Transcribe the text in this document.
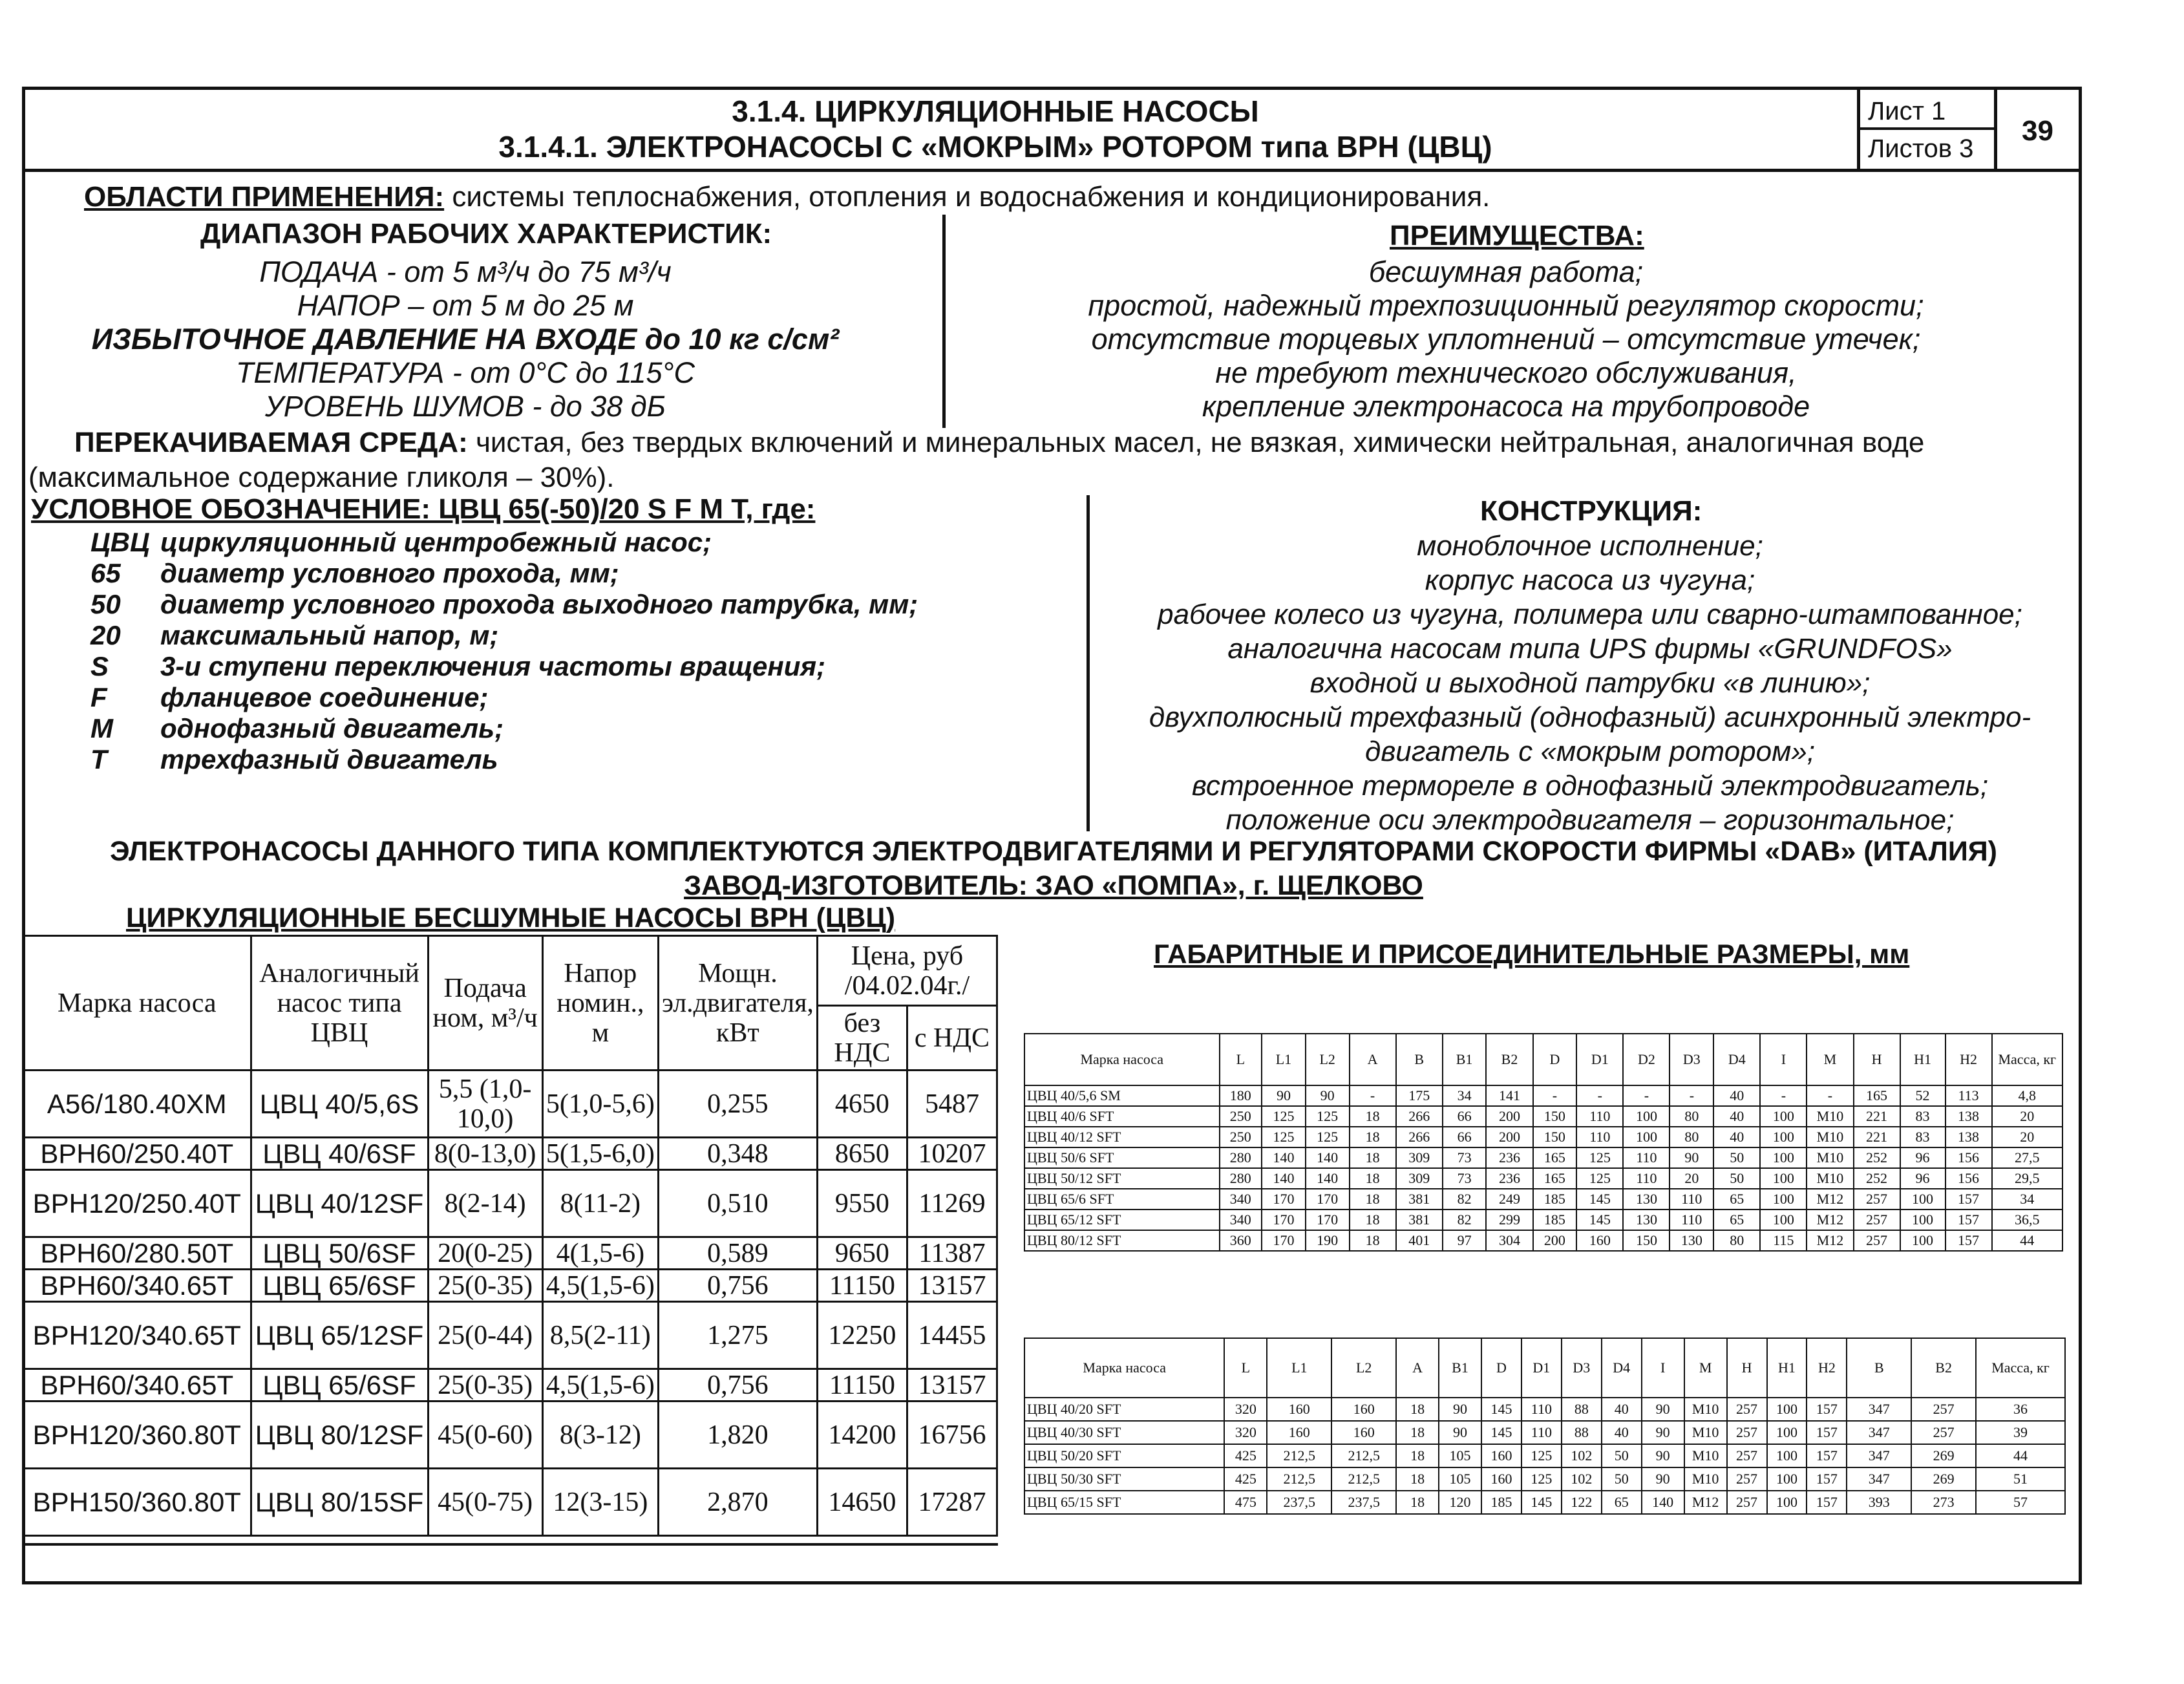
3.1.4. ЦИРКУЛЯЦИОННЫЕ НАСОСЫ
3.1.4.1. ЭЛЕКТРОНАСОСЫ С «МОКРЫМ» РОТОРОМ типа ВРН (ЦВЦ)
Лист 1
Листов 3
39
ОБЛАСТИ ПРИМЕНЕНИЯ: системы теплоснабжения, отопления и водоснабжения и кондиционирования.
ДИАПАЗОН РАБОЧИХ ХАРАКТЕРИСТИК:
ПОДАЧА - от 5 м³/ч до 75 м³/ч
НАПОР – от 5 м до 25 м
ИЗБЫТОЧНОЕ ДАВЛЕНИЕ НА ВХОДЕ до 10 кг с/см²
ТЕМПЕРАТУРА - от 0°С до 115°С
УРОВЕНЬ ШУМОВ - до 38 дБ
ПРЕИМУЩЕСТВА:
бесшумная работа;
простой, надежный трехпозиционный регулятор скорости;
отсутствие торцевых уплотнений – отсутствие утечек;
не требуют технического обслуживания,
крепление электронасоса на трубопроводе
ПЕРЕКАЧИВАЕМАЯ СРЕДА: чистая, без твердых включений и минеральных масел, не вязкая, химически нейтральная, аналогичная воде
(максимальное содержание гликоля – 30%).
УСЛОВНОЕ ОБОЗНАЧЕНИЕ: ЦВЦ 65(-50)/20 S F M T, где:
ЦВЦ циркуляционный центробежный насос;
65 диаметр условного прохода, мм;
50 диаметр условного прохода выходного патрубка, мм;
20 максимальный напор, м;
S 3-и ступени переключения частоты вращения;
F фланцевое соединение;
M однофазный двигатель;
T трехфазный двигатель
КОНСТРУКЦИЯ:
моноблочное исполнение;
корпус насоса из чугуна;
рабочее колесо из чугуна, полимера или сварно-штампованное;
аналогична насосам типа UPS фирмы «GRUNDFOS»
входной и выходной патрубки «в линию»;
двухполюсный трехфазный (однофазный) асинхронный электро-
двигатель с «мокрым ротором»;
встроенное термореле в однофазный электродвигатель;
положение оси электродвигателя – горизонтальное;
ЭЛЕКТРОНАСОСЫ ДАННОГО ТИПА КОМПЛЕКТУЮТСЯ ЭЛЕКТРОДВИГАТЕЛЯМИ И РЕГУЛЯТОРАМИ СКОРОСТИ ФИРМЫ «DAB» (ИТАЛИЯ)
ЗАВОД-ИЗГОТОВИТЕЛЬ: ЗАО «ПОМПА», г. ЩЕЛКОВО
ЦИРКУЛЯЦИОННЫЕ БЕСШУМНЫЕ НАСОСЫ ВРН (ЦВЦ)
Марка насоса	Аналогичный насос типа ЦВЦ	Подача ном, м³/ч	Напор номин., м	Мощн. эл.двигателя, кВт	Цена, руб /04.02.04г./	
					без НДС	с НДС
А56/180.40ХМ	ЦВЦ 40/5,6S	5,5 (1,0-10,0)	5(1,0-5,6)	0,255	4650	5487
ВРН60/250.40Т	ЦВЦ 40/6SF	8(0-13,0)	5(1,5-6,0)	0,348	8650	10207
ВРН120/250.40Т	ЦВЦ 40/12SF	8(2-14)	8(11-2)	0,510	9550	11269
ВРН60/280.50Т	ЦВЦ 50/6SF	20(0-25)	4(1,5-6)	0,589	9650	11387
ВРН60/340.65Т	ЦВЦ 65/6SF	25(0-35)	4,5(1,5-6)	0,756	11150	13157
ВРН120/340.65Т	ЦВЦ 65/12SF	25(0-44)	8,5(2-11)	1,275	12250	14455
ВРН60/340.65Т	ЦВЦ 65/6SF	25(0-35)	4,5(1,5-6)	0,756	11150	13157
ВРН120/360.80Т	ЦВЦ 80/12SF	45(0-60)	8(3-12)	1,820	14200	16756
ВРН150/360.80Т	ЦВЦ 80/15SF	45(0-75)	12(3-15)	2,870	14650	17287
ГАБАРИТНЫЕ И ПРИСОЕДИНИТЕЛЬНЫЕ РАЗМЕРЫ, мм
Марка насоса	L	L1	L2	A	B	B1	B2	D	D1	D2	D3	D4	I	M	H	H1	H2	Масса, кг
ЦВЦ 40/5,6 SM	180	90	90	-	175	34	141	-	-	-	-	40	-	-	165	52	113	4,8
ЦВЦ 40/6 SFT	250	125	125	18	266	66	200	150	110	100	80	40	100	M10	221	83	138	20
ЦВЦ 40/12 SFT	250	125	125	18	266	66	200	150	110	100	80	40	100	M10	221	83	138	20
ЦВЦ 50/6 SFT	280	140	140	18	309	73	236	165	125	110	90	50	100	M10	252	96	156	27,5
ЦВЦ 50/12 SFT	280	140	140	18	309	73	236	165	125	110	20	50	100	M10	252	96	156	29,5
ЦВЦ 65/6 SFT	340	170	170	18	381	82	249	185	145	130	110	65	100	M12	257	100	157	34
ЦВЦ 65/12 SFT	340	170	170	18	381	82	299	185	145	130	110	65	100	M12	257	100	157	36,5
ЦВЦ 80/12 SFT	360	170	190	18	401	97	304	200	160	150	130	80	115	M12	257	100	157	44
Марка насоса	L	L1	L2	A	B1	D	D1	D3	D4	I	M	H	H1	H2	B	B2	Масса, кг
ЦВЦ 40/20 SFT	320	160	160	18	90	145	110	88	40	90	M10	257	100	157	347	257	36
ЦВЦ 40/30 SFT	320	160	160	18	90	145	110	88	40	90	M10	257	100	157	347	257	39
ЦВЦ 50/20 SFT	425	212,5	212,5	18	105	160	125	102	50	90	M10	257	100	157	347	269	44
ЦВЦ 50/30 SFT	425	212,5	212,5	18	105	160	125	102	50	90	M10	257	100	157	347	269	51
ЦВЦ 65/15 SFT	475	237,5	237,5	18	120	185	145	122	65	140	M12	257	100	157	393	273	57
